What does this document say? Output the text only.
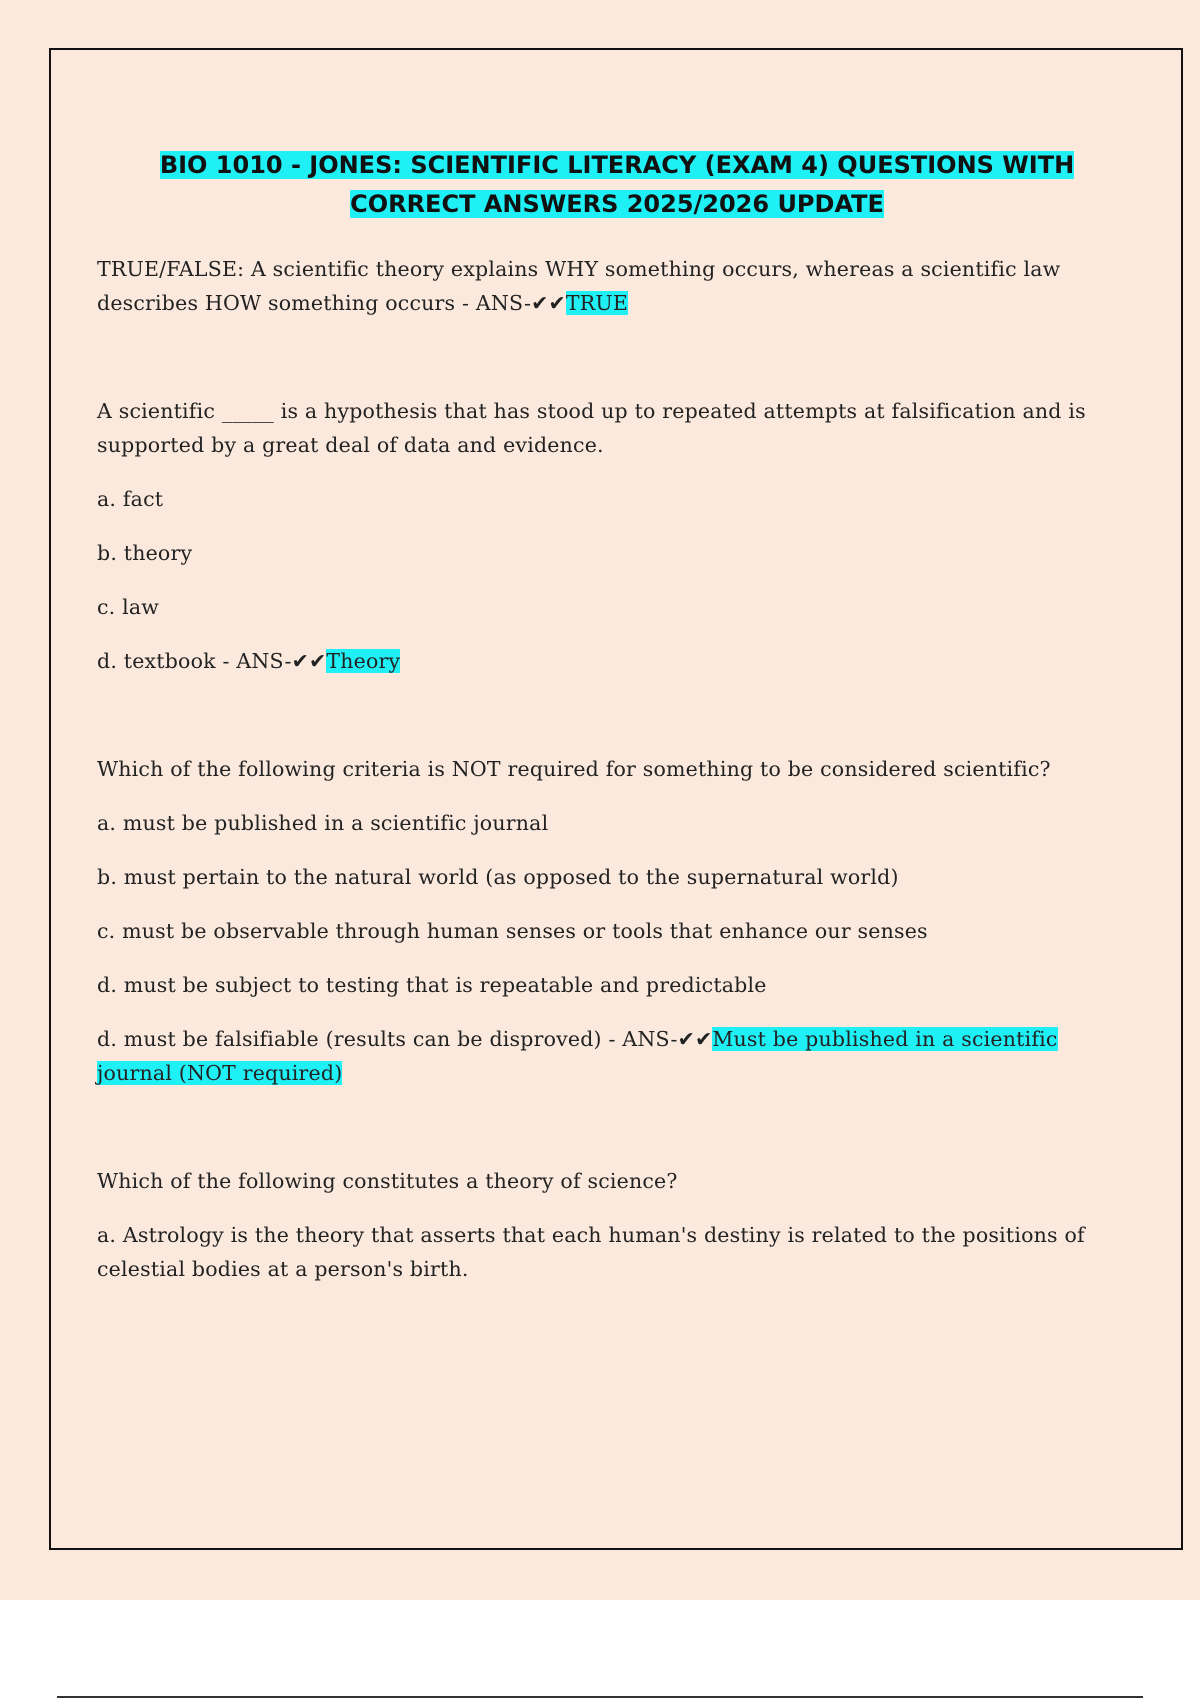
BIO 1010 - JONES: SCIENTIFIC LITERACY (EXAM 4) QUESTIONS WITH
CORRECT ANSWERS 2025/2026 UPDATE

TRUE/FALSE: A scientific theory explains WHY something occurs, whereas a scientific law describes HOW something occurs - ANS-✔✔TRUE

A scientific _____ is a hypothesis that has stood up to repeated attempts at falsification and is supported by a great deal of data and evidence.

a. fact

b. theory

c. law

d. textbook - ANS-✔✔Theory

Which of the following criteria is NOT required for something to be considered scientific?

a. must be published in a scientific journal

b. must pertain to the natural world (as opposed to the supernatural world)

c. must be observable through human senses or tools that enhance our senses

d. must be subject to testing that is repeatable and predictable

d. must be falsifiable (results can be disproved) - ANS-✔✔Must be published in a scientific journal (NOT required)

Which of the following constitutes a theory of science?

a. Astrology is the theory that asserts that each human's destiny is related to the positions of celestial bodies at a person's birth.
